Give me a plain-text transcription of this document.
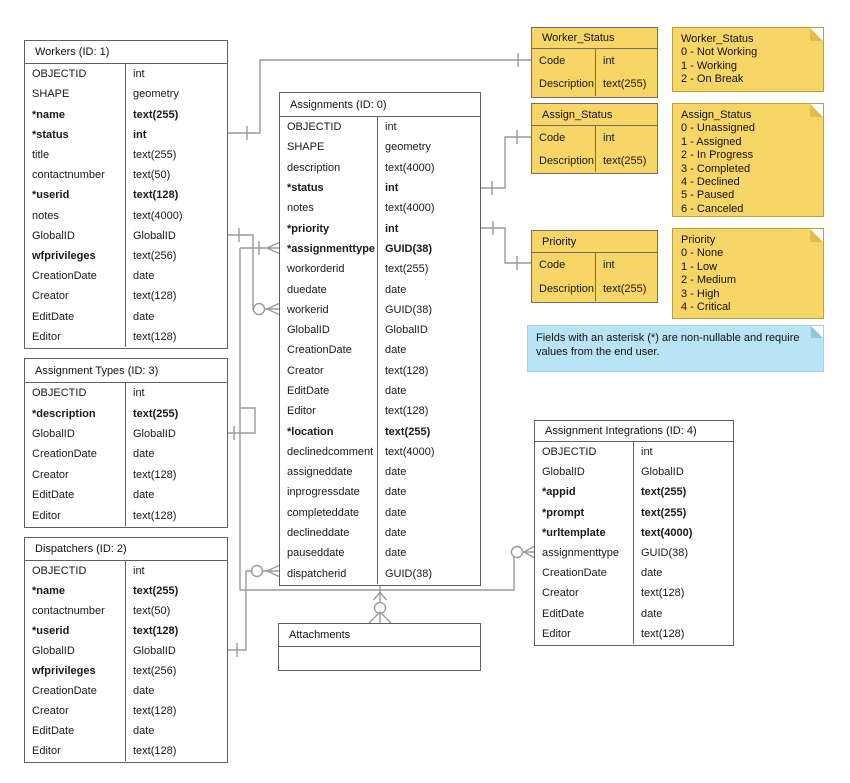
Workers (ID: 1)
OBJECTID	int
SHAPE	geometry
*name	text(255)
*status	int
title	text(255)
contactnumber	text(50)
*userid	text(128)
notes	text(4000)
GlobalID	GlobalID
wfprivileges	text(256)
CreationDate	date
Creator	text(128)
EditDate	date
Editor	text(128)
Assignment Types (ID: 3)
OBJECTID	int
*description	text(255)
GlobalID	GlobalID
CreationDate	date
Creator	text(128)
EditDate	date
Editor	text(128)
Dispatchers (ID: 2)
OBJECTID	int
*name	text(255)
contactnumber	text(50)
*userid	text(128)
GlobalID	GlobalID
wfprivileges	text(256)
CreationDate	date
Creator	text(128)
EditDate	date
Editor	text(128)
Assignments (ID: 0)
OBJECTID	int
SHAPE	geometry
description	text(4000)
*status	int
notes	text(4000)
*priority	int
*assignmenttype GUID(38)
workorderid	text(255)
duedate	date
workerid	GUID(38)
GlobalID	GlobalID
CreationDate	date
Creator	text(128)
EditDate	date
Editor	text(128)
*location	text(255)
declinedcomment	text(4000)
assigneddate	date
inprogressdate	date
completeddate	date
declineddate	date
pauseddate	date
dispatcherid	GUID(38)
Attachments
Worker_Status
Code	int
Description text(255)
Assign_Status
Code	int
Description text(255)
Priority
Code	int
Description text(255)
Assignment Integrations (ID: 4)
OBJECTID	int
GlobalID	GlobalID
*appid	text(255)
*prompt	text(255)
*urltemplate	text(4000)
assignmenttype	GUID(38)
CreationDate	date
Creator	text(128)
EditDate	date
Editor	text(128)
Worker_Status
0 - Not Working
1 - Working
2 - On Break
Assign_Status
0 - Unassigned
1 - Assigned
2 - In Progress
3 - Completed
4 - Declined
5 - Paused
6 - Canceled
Priority
0 - None
1 - Low
2 - Medium
3 - High
4 - Critical
Fields with an asterisk (*) are non-nullable and require values from the end user.
